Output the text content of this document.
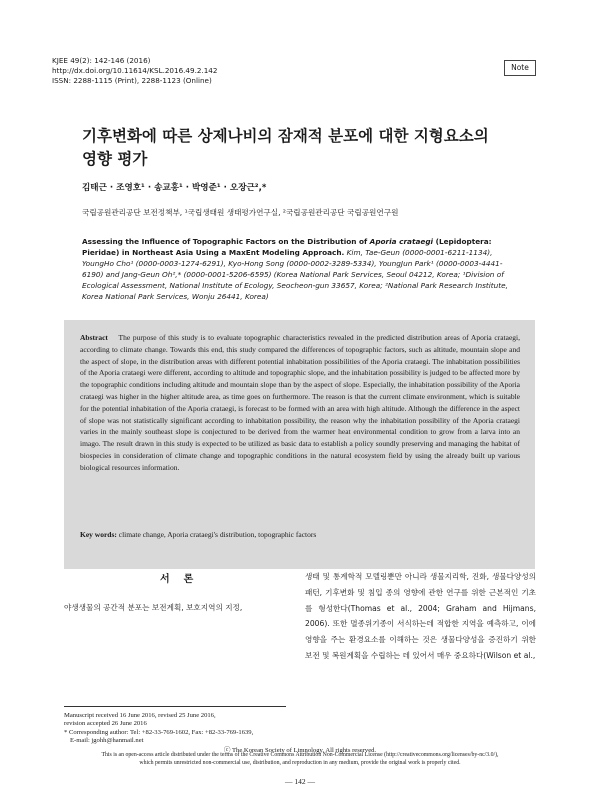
KJEE 49(2): 142-146 (2016)
http://dx.doi.org/10.11614/KSL.2016.49.2.142
ISSN: 2288-1115 (Print), 2288-1123 (Online)
Note
기후변화에 따른 상제나비의 잠재적 분포에 대한 지형요소의
영향 평가
김태근 · 조영호¹ · 송교홍¹ · 박영준¹ · 오장근²,*
국립공원관리공단 보전정책부, ¹국립생태원 생태평가연구실, ²국립공원관리공단 국립공원연구원
Assessing the Influence of Topographic Factors on the Distribution of Aporia crataegi (Lepidoptera: Pieridae) in Northeast Asia Using a MaxEnt Modeling Approach. Kim, Tae-Geun (0000-0001-6211-1134), YoungHo Cho¹ (0000-0003-1274-6291), Kyo-Hong Song (0000-0002-3289-5334), YoungJun Park¹ (0000-0003-4441-6190) and Jang-Geun Oh²,* (0000-0001-5206-6595) (Korea National Park Services, Seoul 04212, Korea; ¹Division of Ecological Assessment, National Institute of Ecology, Seocheon-gun 33657, Korea; ²National Park Research Institute, Korea National Park Services, Wonju 26441, Korea)
Abstract The purpose of this study is to evaluate topographic characteristics revealed in the predicted distribution areas of Aporia crataegi, according to climate change. Towards this end, this study compared the differences of topographic factors, such as altitude, mountain slope and the aspect of slope, in the distribution areas with different potential inhabitation possibilities of the Aporia crataegi. The inhabitation possibilities of the Aporia crataegi were different, according to altitude and topographic slope, and the inhabitation possibility is judged to be affected more by the topographic conditions including altitude and mountain slope than by the aspect of slope. Especially, the inhabitation possibility of the Aporia crataegi was higher in the higher altitude area, as time goes on furthermore. The reason is that the current climate environment, which is suitable for the potential inhabitation of the Aporia crataegi, is forecast to be formed with an area with high altitude. Although the difference in the aspect of slope was not statistically significant according to inhabitation possibility, the reason why the inhabitation possibility of the Aporia crataegi varies in the mainly southeast slope is conjectured to be derived from the warmer heat environmental condition to grow from a larva into an imago. The result drawn in this study is expected to be utilized as basic data to establish a policy soundly preserving and managing the habitat of biospecies in consideration of climate change and topographic conditions in the natural ecosystem field by using the already built up various biological resources information.
Key words: climate change, Aporia crataegi's distribution, topographic factors
서론
야생생물의 공간적 분포는 보전계획, 보호지역의 지정,
생태 및 통계학적 모델링뿐만 아니라 생물지리학, 진화, 생물다양성의 패턴, 기후변화 및 침입 종의 영향에 관한 연구를 위한 근본적인 기초를 형성한다(Thomas et al., 2004; Graham and Hijmans, 2006). 또한 멸종위기종이 서식하는데 적합한 지역을 예측하고, 이에 영향을 주는 환경요소를 이해하는 것은 생물다양성을 증진하기 위한 보전 및 복원계획을 수립하는 데 있어서 매우 중요하다(Wilson et al.,
Manuscript received 16 June 2016, revised 25 June 2016,
revision accepted 26 June 2016
* Corresponding author: Tel: +82-33-769-1602, Fax: +82-33-769-1639,
E-mail: jgohh@hanmail.net
ⓒ The Korean Society of Limnology. All rights reserved.
This is an open-access article distributed under the terms of the Creative Commons Attribution Non-Commercial License (http://creativecommons.org/licenses/by-nc/3.0/),
which permits unrestricted non-commercial use, distribution, and reproduction in any medium, provide the original work is properly cited.
— 142 —
